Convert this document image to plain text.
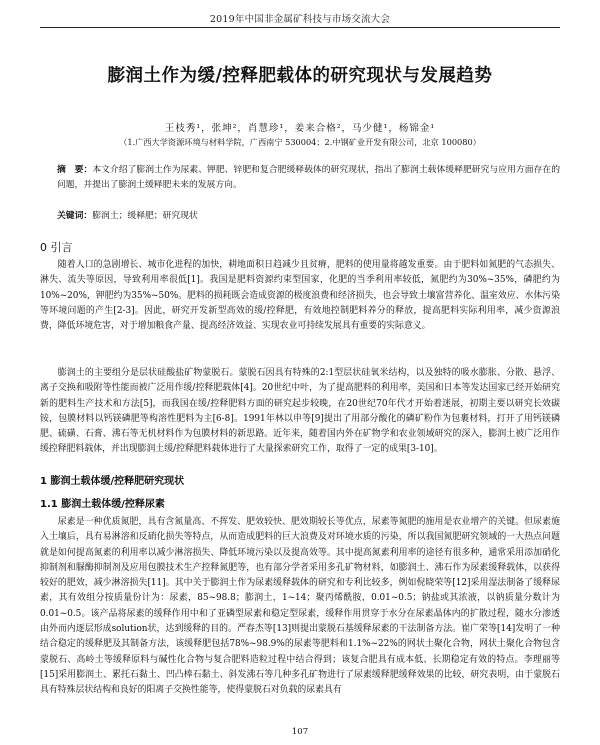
2019年中国非金属矿科技与市场交流大会
膨润土作为缓/控释肥载体的研究现状与发展趋势
王枝秀¹，张坤²，肖慧珍¹，姜来合格²，马少健¹，杨锦金¹
（1.广西大学资源环境与材料学院，广西南宁 530004；2.中钢矿业开发有限公司，北京 100080）
摘　要：本文介绍了膨润土作为尿素、钾肥、锌肥和复合肥缓释载体的研究现状，指出了膨润土载体缓释肥研究与应用方面存在的问题，并提出了膨润土缓释肥未来的发展方向。
关键词：膨润土；缓释肥；研究现状
0 引言
随着人口的急剧增长、城市化进程的加快，耕地面积日趋减少且贫瘠，肥料的使用量将越发重要。由于肥料如氮肥的气态损失、淋失、流失等原因，导致利用率很低[1]。我国是肥料资源约束型国家，化肥的当季利用率较低，氮肥约为30%~35%，磷肥约为10%~20%，钾肥约为35%~50%。肥料的损耗既会造成资源的极度浪费和经济损失，也会导致土壤富营养化、温室效应、水体污染等环境问题的产生[2-3]。因此，研究开发新型高效的缓/控释肥，有效地控制肥料养分的释放，提高肥料实际利用率，减少资源浪费，降低环境危害，对于增加粮食产量、提高经济效益、实现农业可持续发展具有重要的实际意义。
膨润土的主要组分是层状硅酸盐矿物蒙脱石。蒙脱石因具有特殊的2:1型层状硅氧米结构，以及独特的吸水膨胀、分散、悬浮、离子交换和吸附等性能而被广泛用作缓/控释肥载体[4]。20世纪中叶，为了提高肥料的利用率，美国和日本等发达国家已经开始研究新的肥料生产技术和方法[5]，而我国在缓/控释肥料方面的研究起步较晚，在20世纪70年代才开始着迷展，初期主要以研究长效碳铵，包膜材料以钙镁磷肥等构溶性肥料为主[6-8]。1991年林以申等[9]提出了用部分酸化的磷矿粉作为包裹材料，打开了用钙镁磷肥、硫磺、石膏、沸石等无机材料作为包膜材料的新思路。近年来，随着国内外在矿物学和农业领域研究的深入，膨润土被广泛用作缓控释肥料载体，并出现膨润土缓/控释肥料载体进行了大量探索研究工作，取得了一定的成果[3-10]。
1 膨润土载体缓/控释肥研究现状
1.1 膨润土载体缓/控释尿素
尿素是一种优质氮肥，具有含氮量高、不挥发、肥效较快、肥效期较长等优点，尿素等氮肥的施用是农业增产的关键。但尿素施入土壤后，具有易淋溶和反硝化损失等特点，从而造成肥料的巨大浪费及对环境水质的污染，所以我国氮肥研究领域的一大热点问题就是如何提高氮素的利用率以减少淋溶损失、降低环境污染以及提高效等。其中提高氮素利用率的途径有很多种，通常采用添加硝化抑制剂和脲酶抑制剂及应用包膜技术生产控释氮肥等，也有部分学者采用多孔矿物材料，如膨润土、沸石作为尿素缓释载体，以获得较好的肥效，减少淋溶损失[11]。其中关于膨润土作为尿素缓释载体的研究和专利比较多，例如倪晓荣等[12]采用湿法制备了缓释尿素，其有效组分按质量份计为：尿素，85~98.8；膨润土，1~14；聚丙烯酰胺，0.01~0.5；钠盐或其浓液，以钠质量分数计为0.01~0.5。该产品将尿素的缓释作用中和了亚磷型尿素和稳定型尿素，缓释作用贯穿于水分在尿素晶体内的扩散过程，随水分渗透由外而内逐层形成solution状，达到缓释的目的。严春杰等[13]则提出蒙脱石基缓释尿素的干法制备方法。崔广荣等[14]发明了一种结合稳定的缓释肥及其制备方法，该缓释肥包括78%~98.9%的尿素等肥料和1.1%~22%的网状土聚化合物，网状土聚化合物包含蒙脱石、高岭土等缓释原料与碱性化合物与复合肥料造粒过程中结合得到；该复合肥具有成本低、长期稳定有效的特点。李理丽等[15]采用膨润土、累托石黏土、凹凸棒石黏土、斜发沸石等几种多孔矿物进行了尿素缓释肥缓释效果的比较，研究表明，由于蒙脱石具有特殊层状结构和良好的阳离子交换性能等，使得蒙脱石对负载的尿素具有
107
